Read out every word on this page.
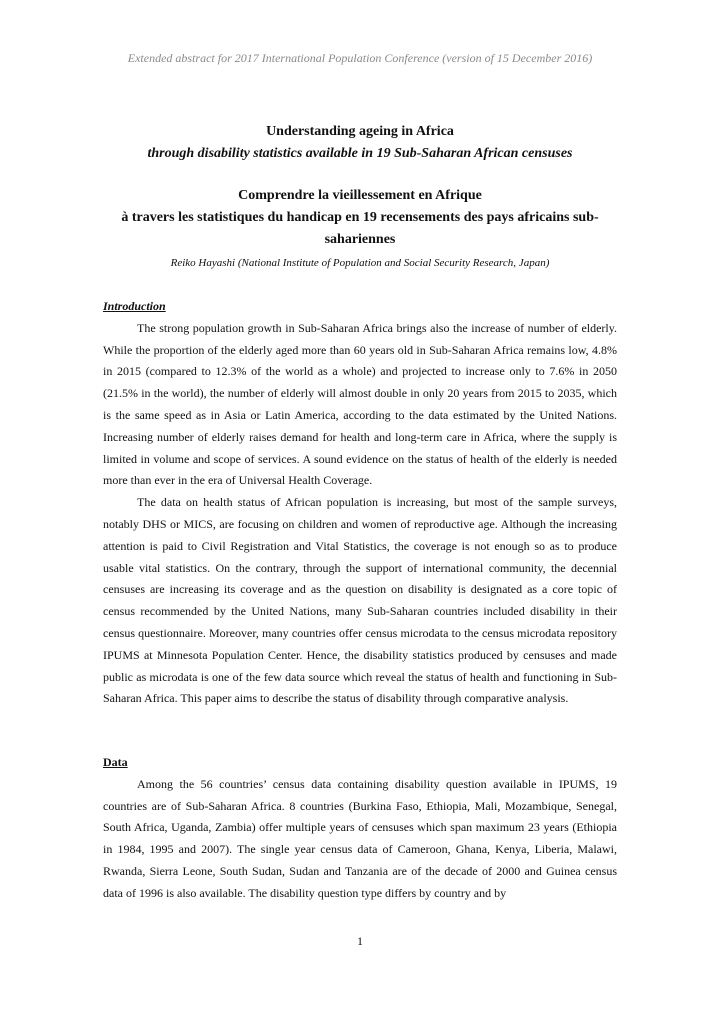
Extended abstract for 2017 International Population Conference (version of 15 December 2016)
Understanding ageing in Africa
through disability statistics available in 19 Sub-Saharan African censuses
Comprendre la vieillessement en Afrique
à travers les statistiques du handicap en 19 recensements des pays africains sub-sahariennes
Reiko Hayashi (National Institute of Population and Social Security Research, Japan)
Introduction

The strong population growth in Sub-Saharan Africa brings also the increase of number of elderly. While the proportion of the elderly aged more than 60 years old in Sub-Saharan Africa remains low, 4.8% in 2015 (compared to 12.3% of the world as a whole) and projected to increase only to 7.6% in 2050 (21.5% in the world), the number of elderly will almost double in only 20 years from 2015 to 2035, which is the same speed as in Asia or Latin America, according to the data estimated by the United Nations. Increasing number of elderly raises demand for health and long-term care in Africa, where the supply is limited in volume and scope of services. A sound evidence on the status of health of the elderly is needed more than ever in the era of Universal Health Coverage.

The data on health status of African population is increasing, but most of the sample surveys, notably DHS or MICS, are focusing on children and women of reproductive age. Although the increasing attention is paid to Civil Registration and Vital Statistics, the coverage is not enough so as to produce usable vital statistics. On the contrary, through the support of international community, the decennial censuses are increasing its coverage and as the question on disability is designated as a core topic of census recommended by the United Nations, many Sub-Saharan countries included disability in their census questionnaire. Moreover, many countries offer census microdata to the census microdata repository IPUMS at Minnesota Population Center. Hence, the disability statistics produced by censuses and made public as microdata is one of the few data source which reveal the status of health and functioning in Sub-Saharan Africa. This paper aims to describe the status of disability through comparative analysis.

Data

Among the 56 countries’ census data containing disability question available in IPUMS, 19 countries are of Sub-Saharan Africa. 8 countries (Burkina Faso, Ethiopia, Mali, Mozambique, Senegal, South Africa, Uganda, Zambia) offer multiple years of censuses which span maximum 23 years (Ethiopia in 1984, 1995 and 2007). The single year census data of Cameroon, Ghana, Kenya, Liberia, Malawi, Rwanda, Sierra Leone, South Sudan, Sudan and Tanzania are of the decade of 2000 and Guinea census data of 1996 is also available. The disability question type differs by country and by

1
